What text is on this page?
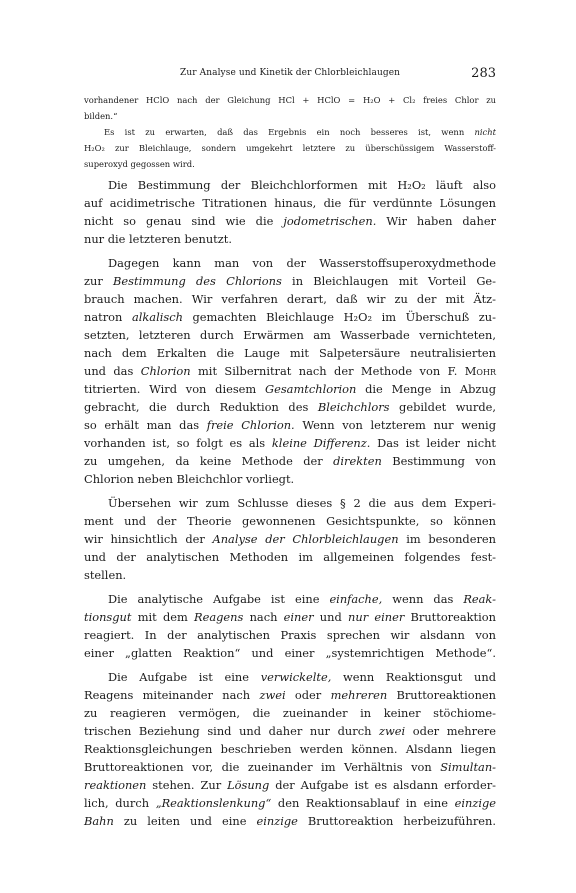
Zur Analyse und Kinetik der Chlorbleichlaugen	283
vorhandener HClO nach der Gleichung HCl + HClO = H₂O + Cl₂ freies Chlor zu
bilden.“
Es ist zu erwarten, daß das Ergebnis ein noch besseres ist, wenn nicht
H₂O₂ zur Bleichlauge, sondern umgekehrt letztere zu überschüssigem Wasserstoff-
superoxyd gegossen wird.

Die Bestimmung der Bleichchlorformen mit H₂O₂ läuft also
auf acidimetrische Titrationen hinaus, die für verdünnte Lösungen
nicht so genau sind wie die jodometrischen. Wir haben daher
nur die letzteren benutzt.

Dagegen kann man von der Wasserstoffsuperoxydmethode
zur Bestimmung des Chlorions in Bleichlaugen mit Vorteil Ge-
brauch machen. Wir verfahren derart, daß wir zu der mit Ätz-
natron alkalisch gemachten Bleichlauge H₂O₂ im Überschuß zu-
setzten, letzteren durch Erwärmen am Wasserbade vernichteten,
nach dem Erkalten die Lauge mit Salpetersäure neutralisierten
und das Chlorion mit Silbernitrat nach der Methode von F. Mohr
titrierten. Wird von diesem Gesamtchlorion die Menge in Abzug
gebracht, die durch Reduktion des Bleichchlors gebildet wurde,
so erhält man das freie Chlorion. Wenn von letzterem nur wenig
vorhanden ist, so folgt es als kleine Differenz. Das ist leider nicht
zu umgehen, da keine Methode der direkten Bestimmung von
Chlorion neben Bleichchlor vorliegt.

Übersehen wir zum Schlusse dieses § 2 die aus dem Experi-
ment und der Theorie gewonnenen Gesichtspunkte, so können
wir hinsichtlich der Analyse der Chlorbleichlaugen im besonderen
und der analytischen Methoden im allgemeinen folgendes fest-
stellen.

Die analytische Aufgabe ist eine einfache, wenn das Reak-
tionsgut mit dem Reagens nach einer und nur einer Bruttoreaktion
reagiert. In der analytischen Praxis sprechen wir alsdann von
einer „glatten Reaktion“ und einer „systemrichtigen Methode“.

Die Aufgabe ist eine verwickelte, wenn Reaktionsgut und
Reagens miteinander nach zwei oder mehreren Bruttoreaktionen
zu reagieren vermögen, die zueinander in keiner stöchiome-
trischen Beziehung sind und daher nur durch zwei oder mehrere
Reaktionsgleichungen beschrieben werden können. Alsdann liegen
Bruttoreaktionen vor, die zueinander im Verhältnis von Simultan-
reaktionen stehen. Zur Lösung der Aufgabe ist es alsdann erforder-
lich, durch „Reaktionslenkung“ den Reaktionsablauf in eine einzige
Bahn zu leiten und eine einzige Bruttoreaktion herbeizuführen.
